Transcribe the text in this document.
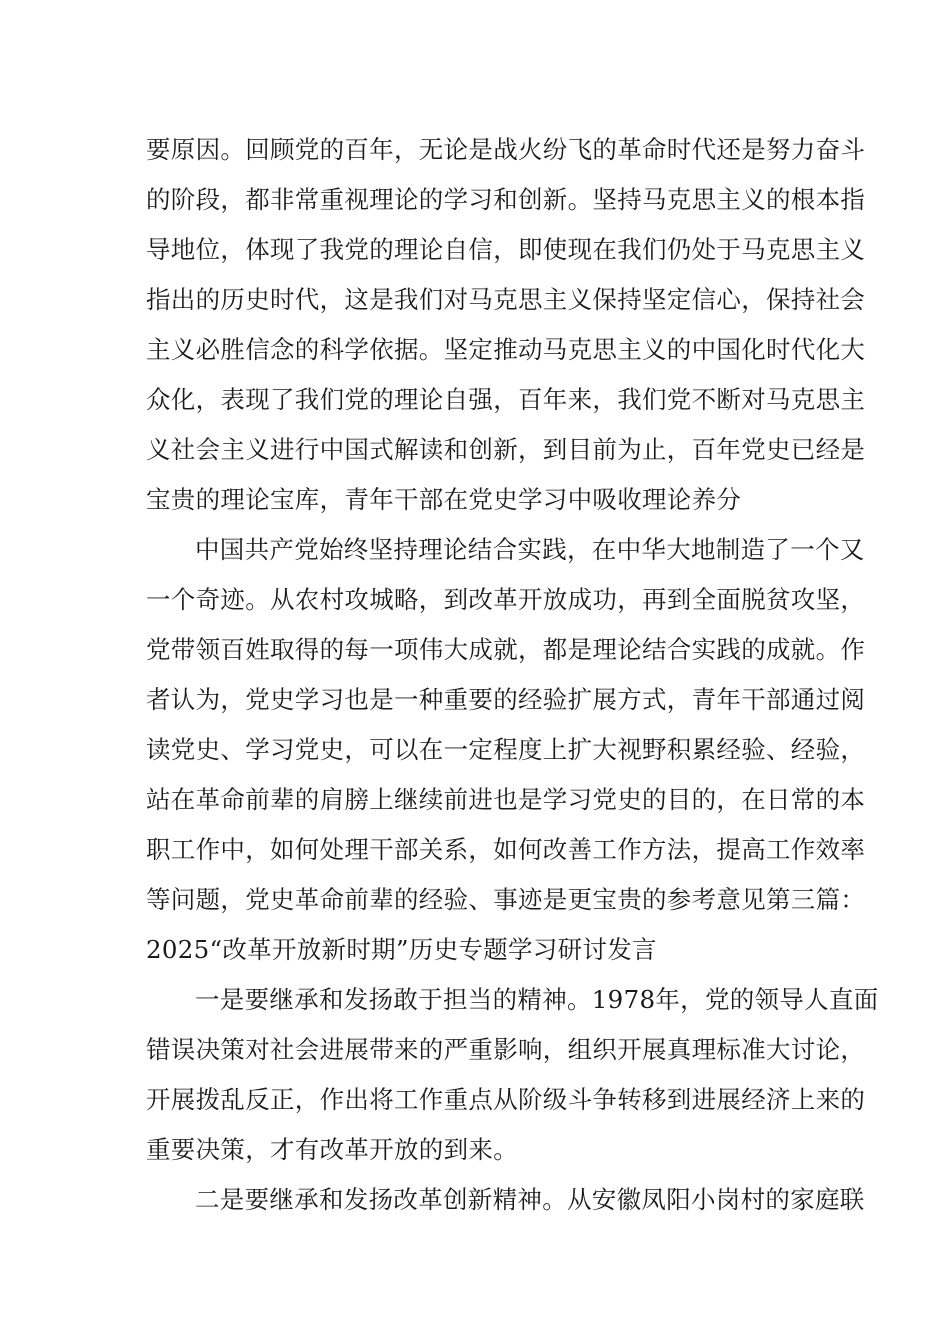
要原因。回顾党的百年，无论是战火纷飞的革命时代还是努力奋斗
的阶段，都非常重视理论的学习和创新。坚持马克思主义的根本指
导地位，体现了我党的理论自信，即使现在我们仍处于马克思主义
指出的历史时代，这是我们对马克思主义保持坚定信心，保持社会
主义必胜信念的科学依据。坚定推动马克思主义的中国化时代化大
众化，表现了我们党的理论自强，百年来，我们党不断对马克思主
义社会主义进行中国式解读和创新，到目前为止，百年党史已经是
宝贵的理论宝库，青年干部在党史学习中吸收理论养分
中国共产党始终坚持理论结合实践，在中华大地制造了一个又
一个奇迹。从农村攻城略，到改革开放成功，再到全面脱贫攻坚，
党带领百姓取得的每一项伟大成就，都是理论结合实践的成就。作
者认为，党史学习也是一种重要的经验扩展方式，青年干部通过阅
读党史、学习党史，可以在一定程度上扩大视野积累经验、经验，
站在革命前辈的肩膀上继续前进也是学习党史的目的，在日常的本
职工作中，如何处理干部关系，如何改善工作方法，提高工作效率
等问题，党史革命前辈的经验、事迹是更宝贵的参考意见第三篇：
2025“改革开放新时期”历史专题学习研讨发言
一是要继承和发扬敢于担当的精神。1978年，党的领导人直面
错误决策对社会进展带来的严重影响，组织开展真理标准大讨论，
开展拨乱反正，作出将工作重点从阶级斗争转移到进展经济上来的
重要决策，才有改革开放的到来。
二是要继承和发扬改革创新精神。从安徽凤阳小岗村的家庭联
